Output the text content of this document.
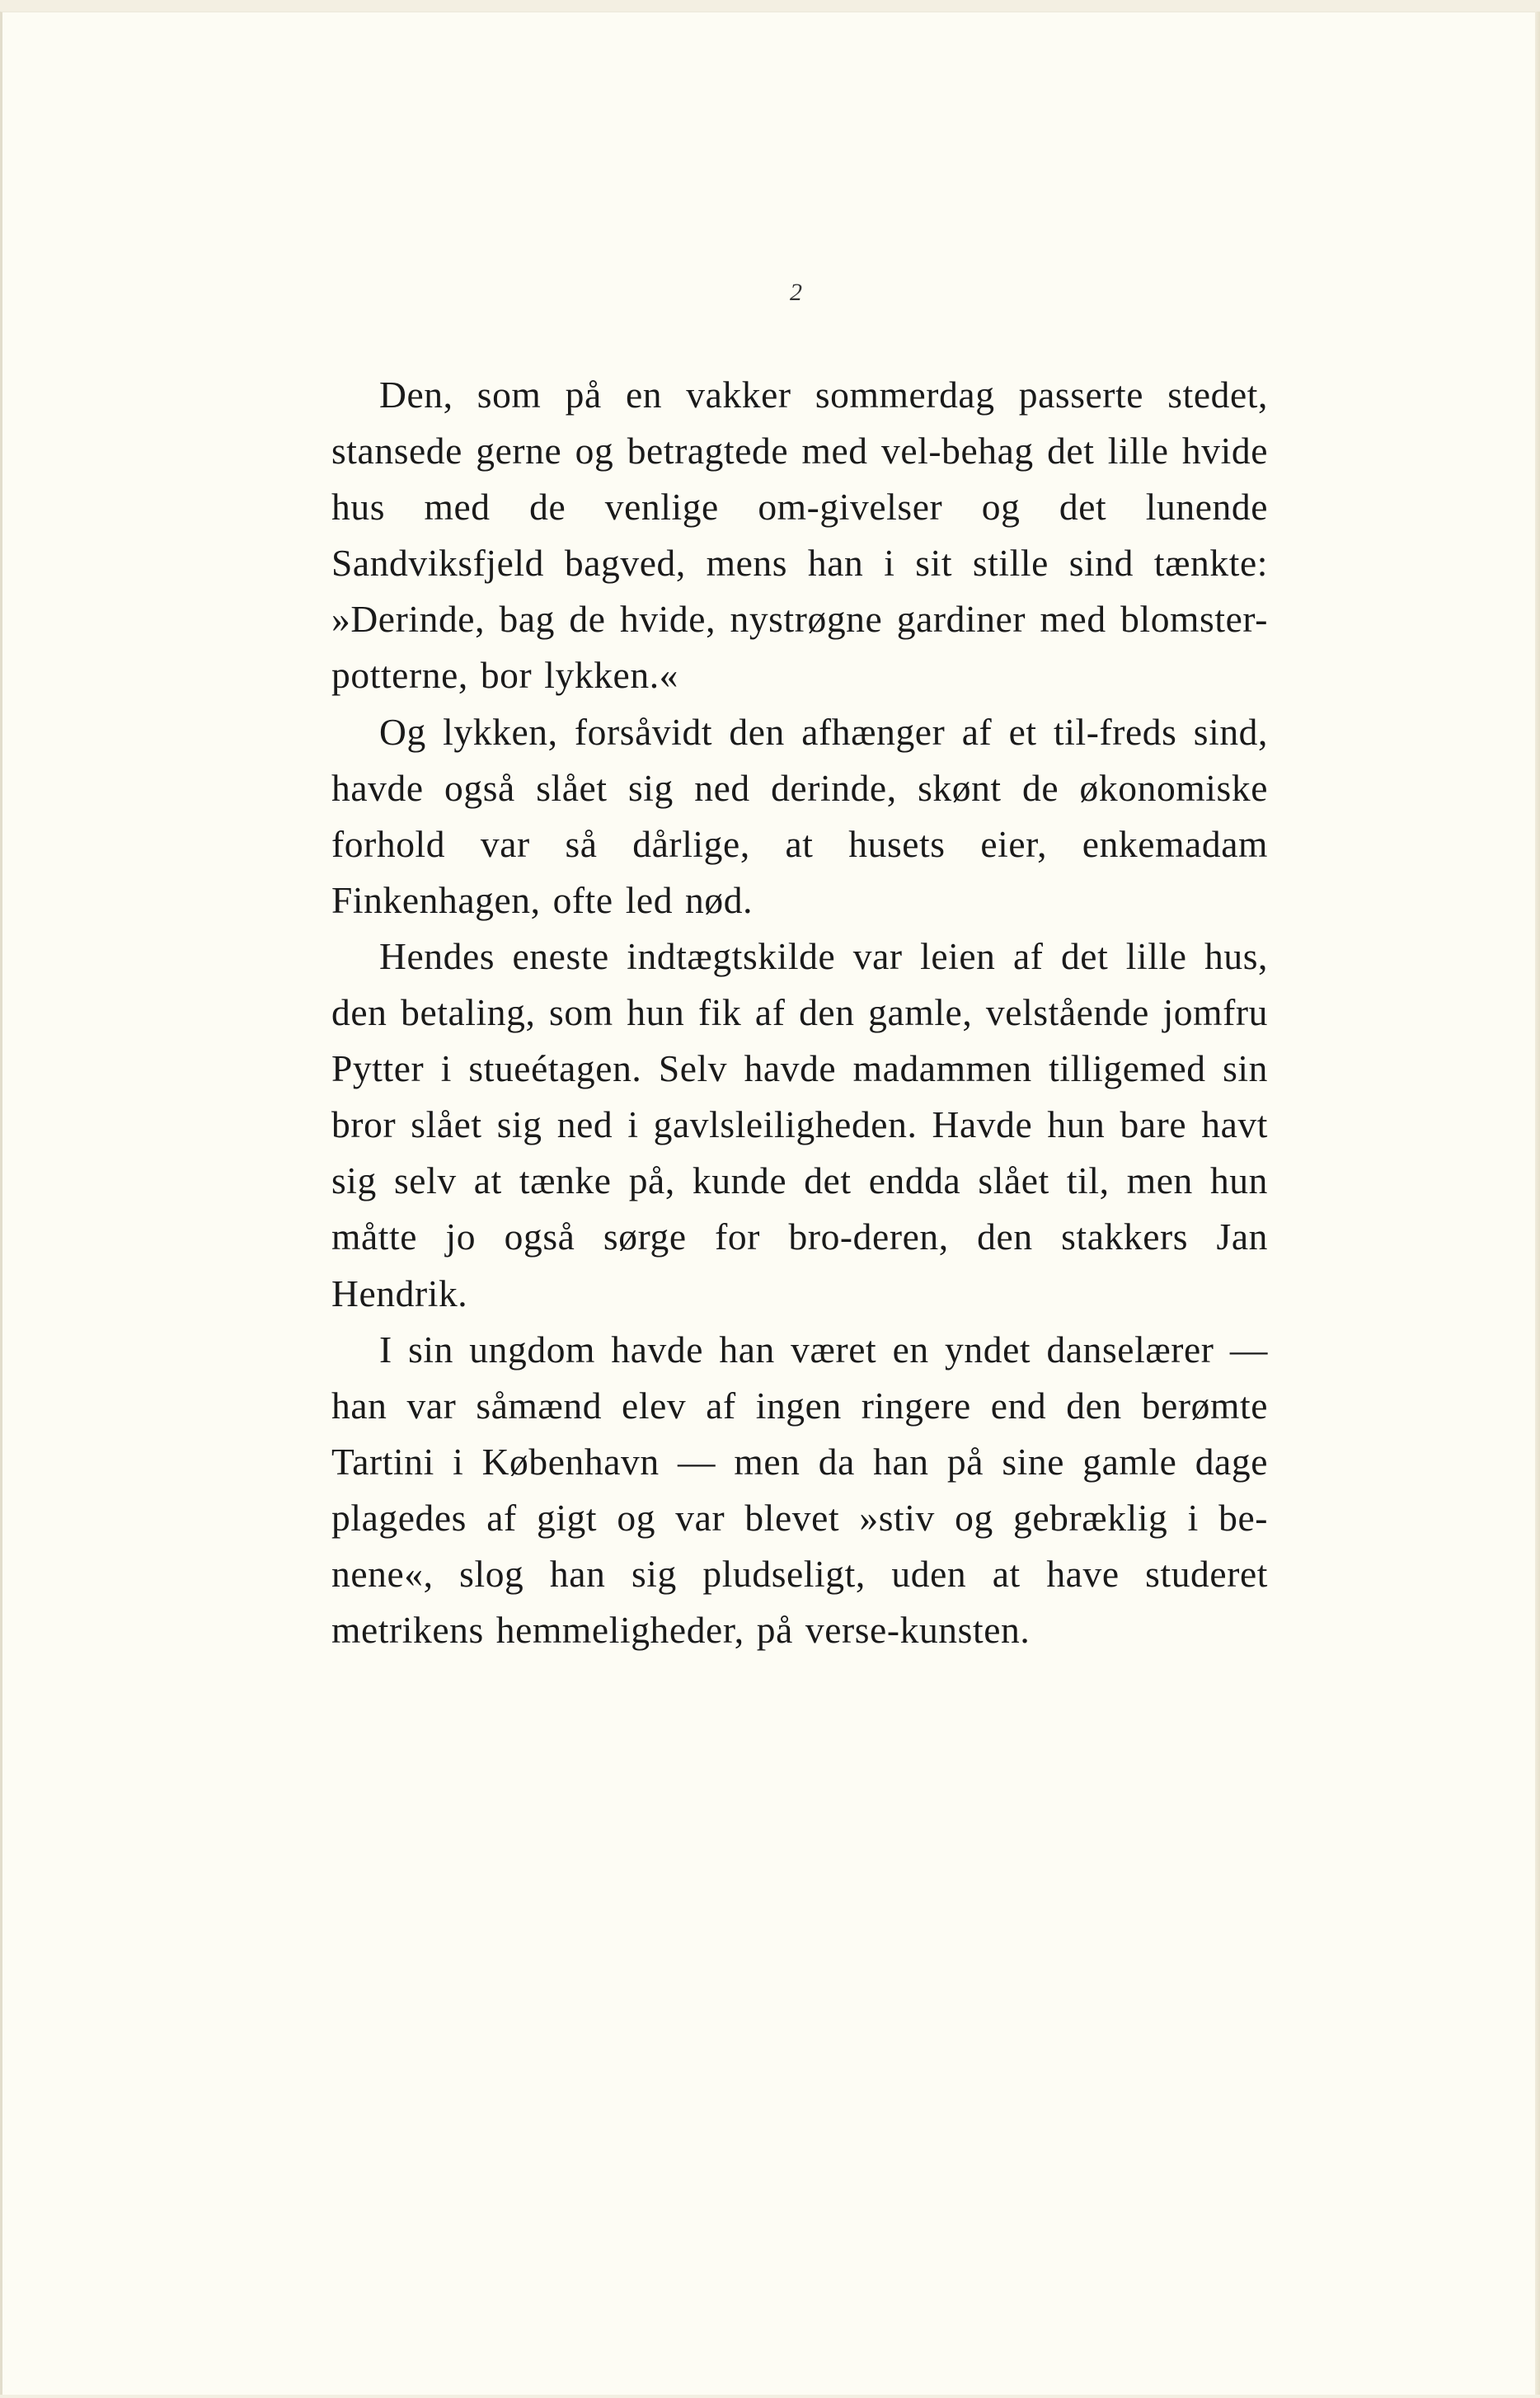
2

Den, som på en vakker sommerdag passerte stedet, stansede gerne og betragtede med vel-behag det lille hvide hus med de venlige om-givelser og det lunende Sandviksfjeld bagved, mens han i sit stille sind tænkte: »Derinde, bag de hvide, nystrøgne gardiner med blomster-potterne, bor lykken.«

Og lykken, forsåvidt den afhænger af et til-freds sind, havde også slået sig ned derinde, skønt de økonomiske forhold var så dårlige, at husets eier, enkemadam Finkenhagen, ofte led nød.

Hendes eneste indtægtskilde var leien af det lille hus, den betaling, som hun fik af den gamle, velstående jomfru Pytter i stueétagen. Selv havde madammen tilligemed sin bror slået sig ned i gavlsleiligheden. Havde hun bare havt sig selv at tænke på, kunde det endda slået til, men hun måtte jo også sørge for bro-deren, den stakkers Jan Hendrik.

I sin ungdom havde han været en yndet danselærer — han var såmænd elev af ingen ringere end den berømte Tartini i København — men da han på sine gamle dage plagedes af gigt og var blevet »stiv og gebræklig i be-nene«, slog han sig pludseligt, uden at have studeret metrikens hemmeligheder, på verse-kunsten.
